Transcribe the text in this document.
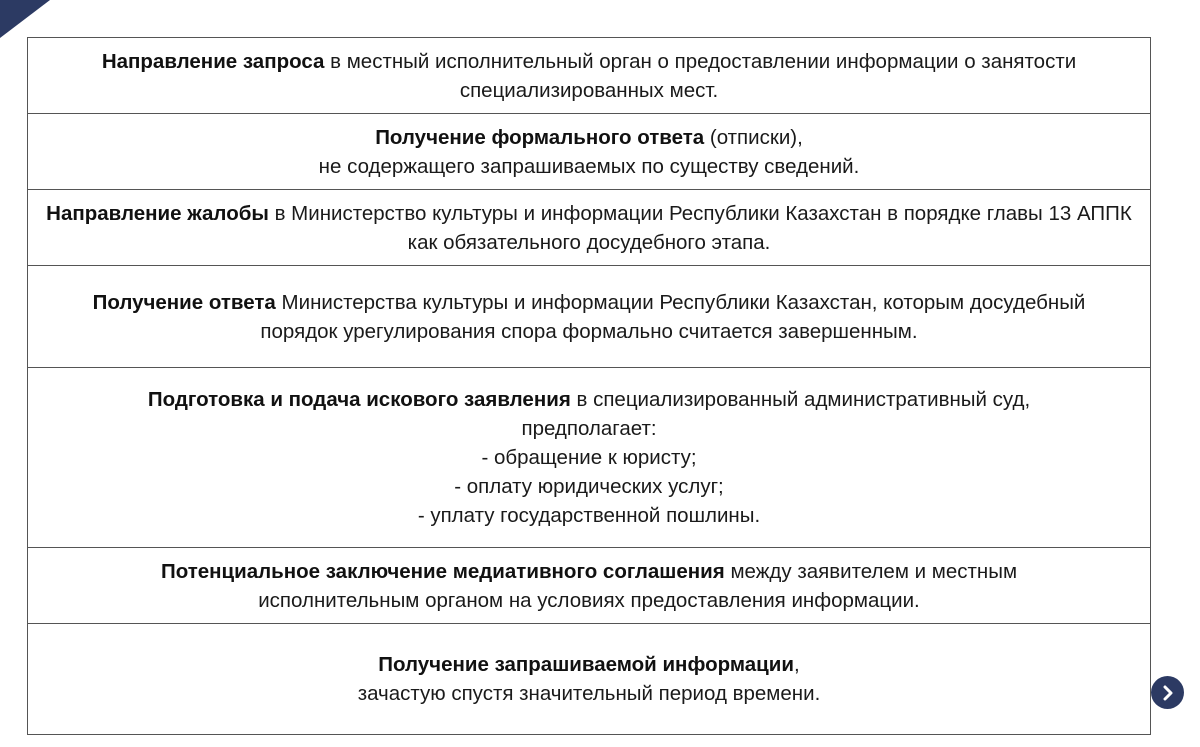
Направление запроса в местный исполнительный орган о предоставлении информации о занятости специализированных мест.
Получение формального ответа (отписки),
не содержащего запрашиваемых по существу сведений.
Направление жалобы в Министерство культуры и информации Республики Казахстан в порядке главы 13 АППК как обязательного досудебного этапа.
Получение ответа Министерства культуры и информации Республики Казахстан, которым досудебный порядок урегулирования спора формально считается завершенным.
Подготовка и подача искового заявления в специализированный административный суд, предполагает:
- обращение к юристу;
- оплату юридических услуг;
- уплату государственной пошлины.
Потенциальное заключение медиативного соглашения между заявителем и местным исполнительным органом на условиях предоставления информации.
Получение запрашиваемой информации,
зачастую спустя значительный период времени.
